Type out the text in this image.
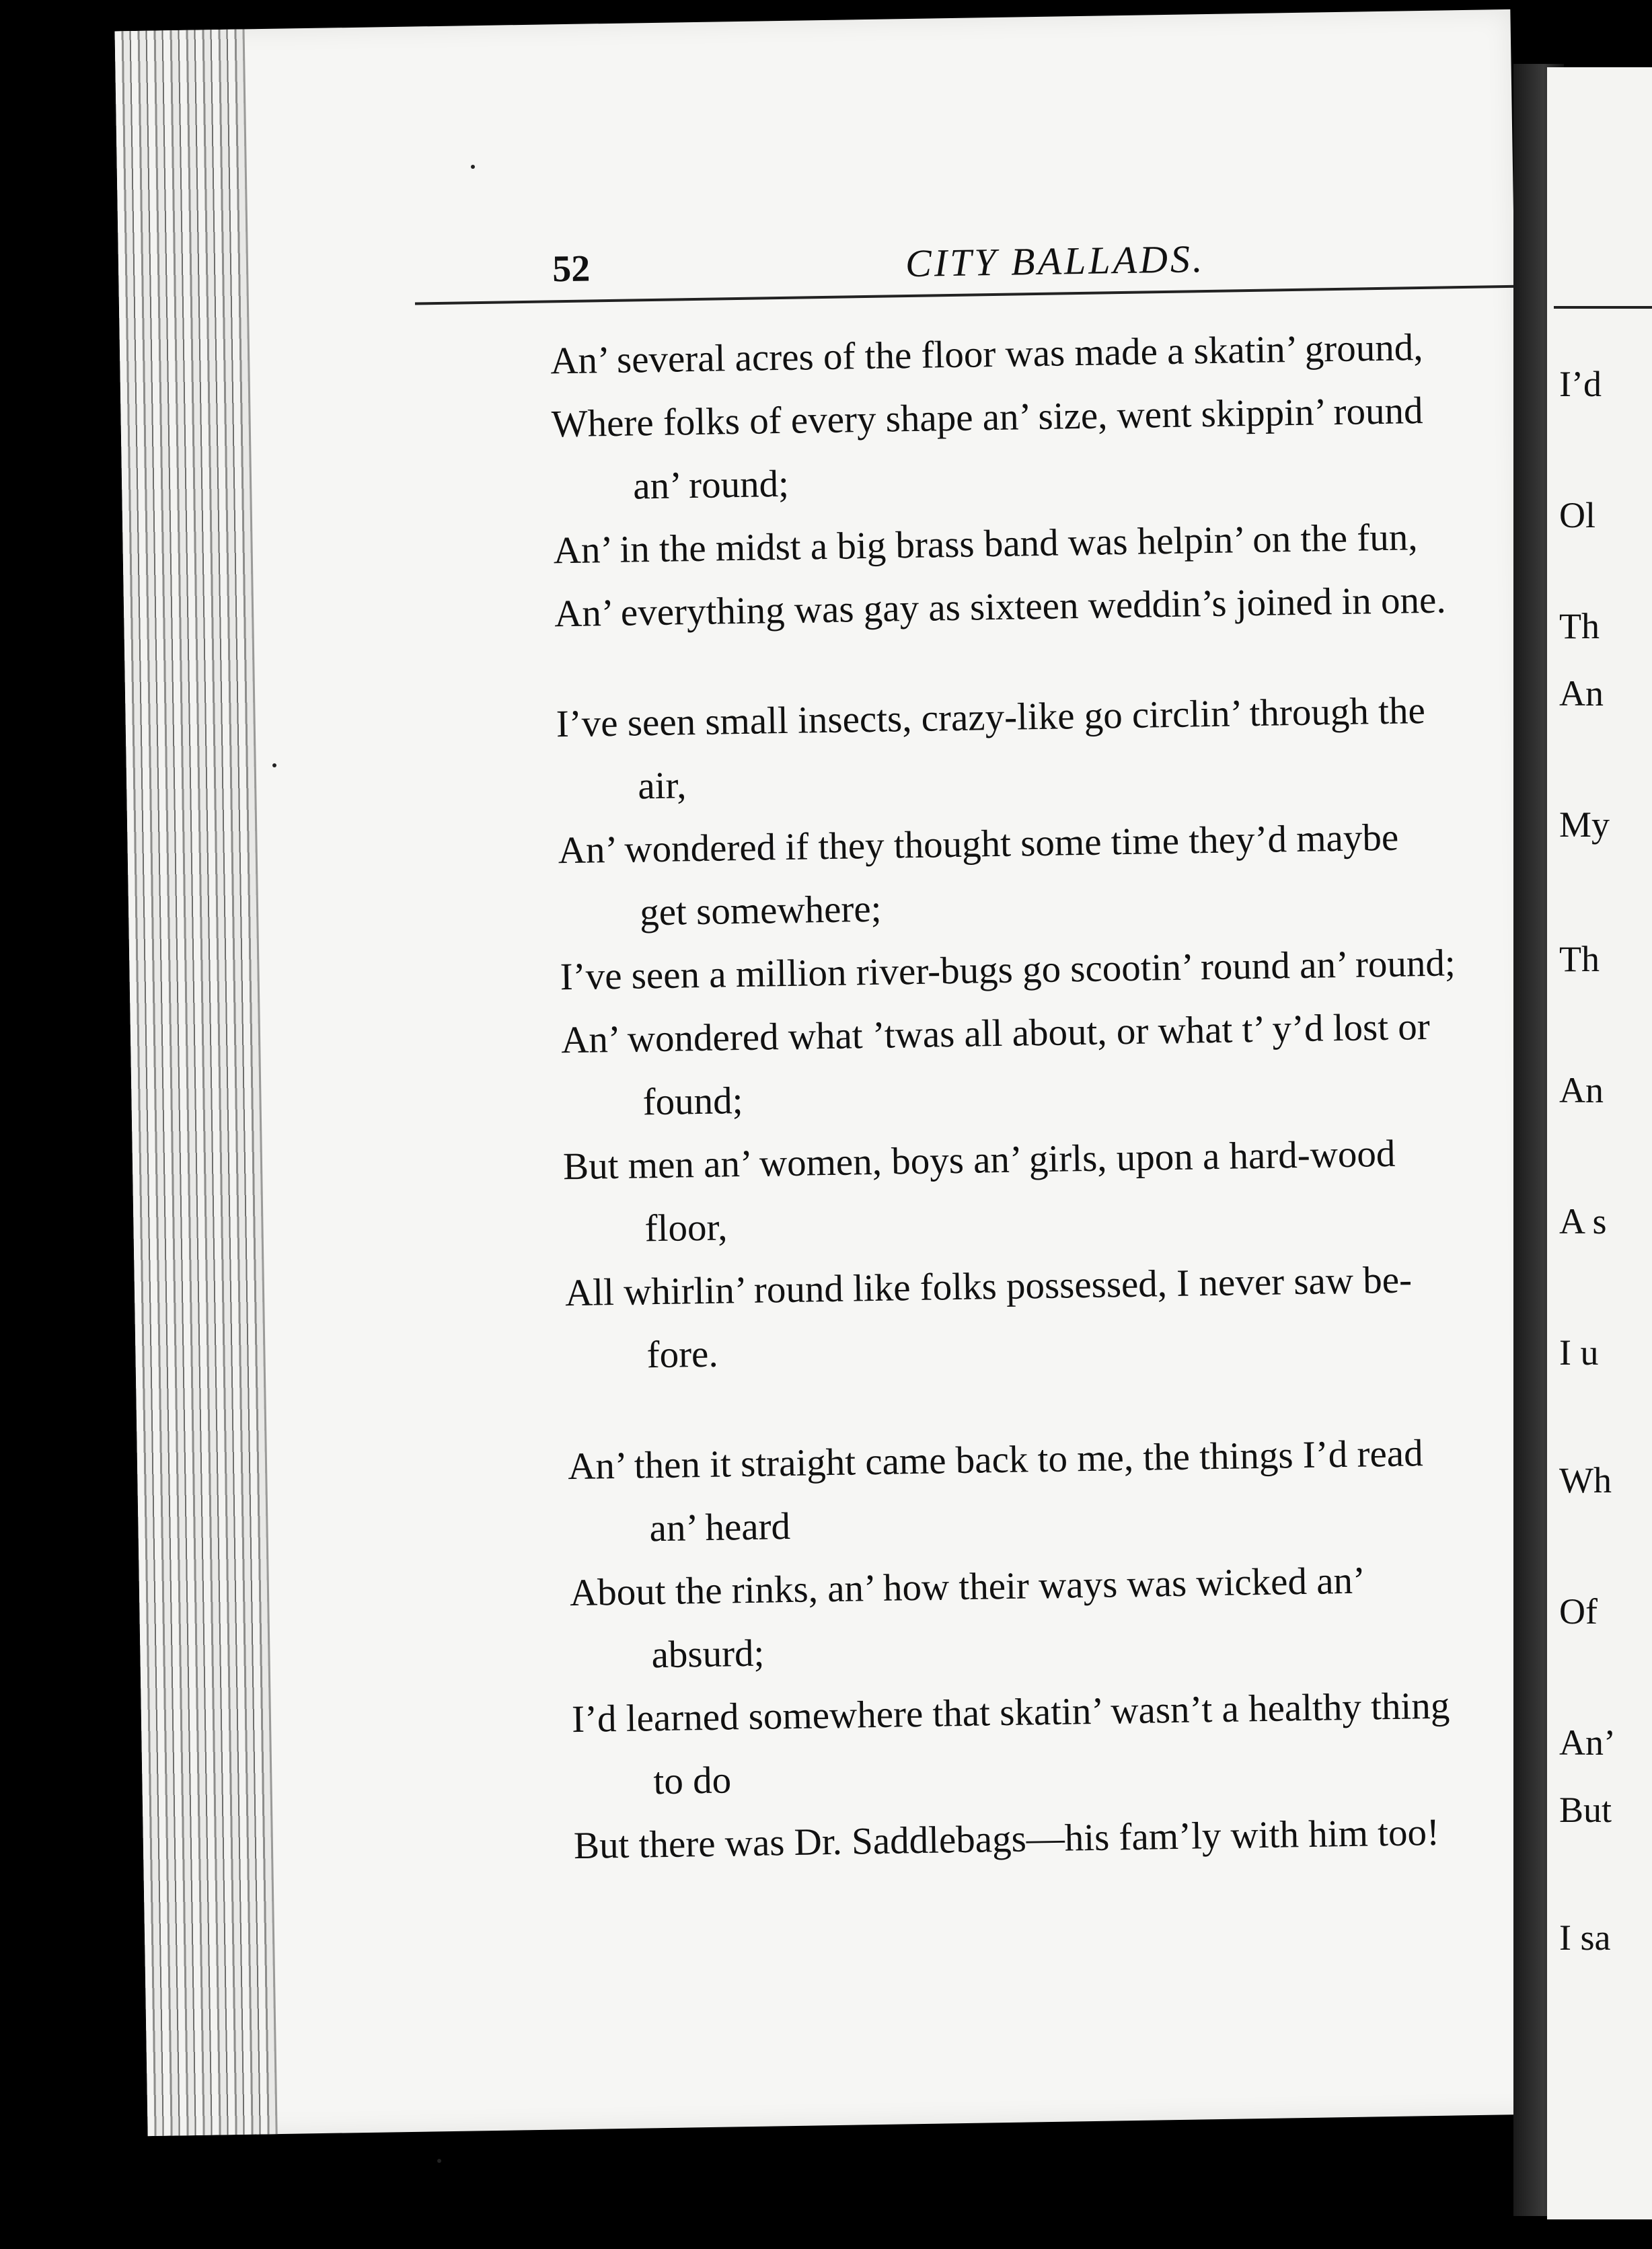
52	CITY BALLADS.
An’ several acres of the floor was made a skatin’ ground,
Where folks of every shape an’ size, went skippin’ round
an’ round;
An’ in the midst a big brass band was helpin’ on the fun,
An’ everything was gay as sixteen weddin’s joined in one.
I’ve seen small insects, crazy-like go circlin’ through the
air,
An’ wondered if they thought some time they’d maybe
get somewhere;
I’ve seen a million river-bugs go scootin’ round an’ round;
An’ wondered what ’twas all about, or what t’ y’d lost or
found;
But men an’ women, boys an’ girls, upon a hard-wood
floor,
All whirlin’ round like folks possessed, I never saw be-
fore.
An’ then it straight came back to me, the things I’d read
an’ heard
About the rinks, an’ how their ways was wicked an’
absurd;
I’d learned somewhere that skatin’ wasn’t a healthy thing
to do
But there was Dr. Saddlebags—his fam’ly with him too!
I’d
Ol
Th
An
My
Th
An
A s
I u
Wh
Of
An’
But
I sa
